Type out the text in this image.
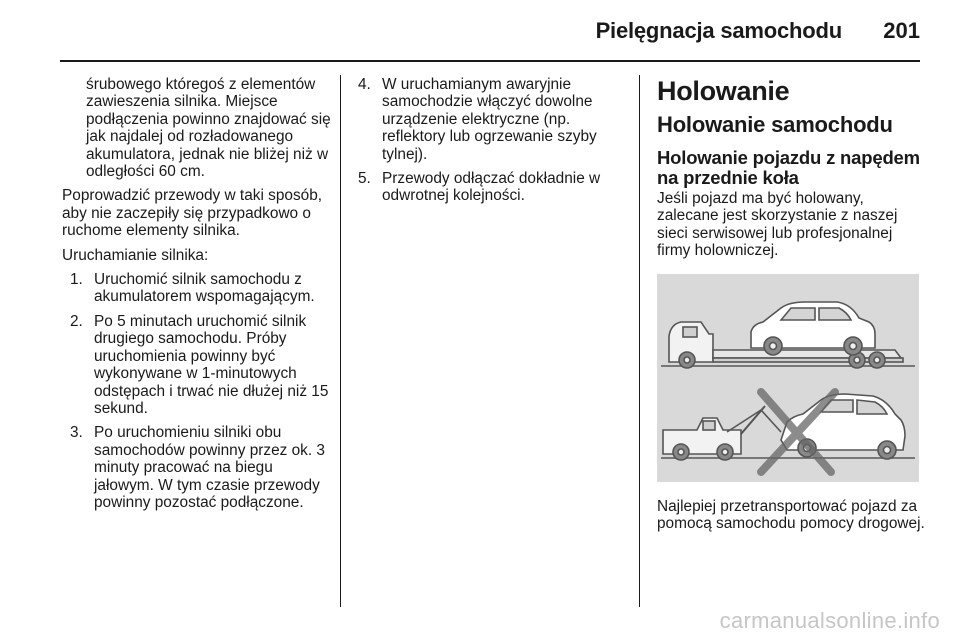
Pielęgnacja samochodu 201

śrubowego któregoś z elementów zawieszenia silnika. Miejsce podłączenia powinno znajdować się jak najdalej od rozładowanego akumulatora, jednak nie bliżej niż w odległości 60 cm.

Poprowadzić przewody w taki sposób, aby nie zaczepiły się przypadkowo o ruchome elementy silnika.

Uruchamianie silnika:

1. Uruchomić silnik samochodu z akumulatorem wspomagającym.
2. Po 5 minutach uruchomić silnik drugiego samochodu. Próby uruchomienia powinny być wykonywane w 1-minutowych odstępach i trwać nie dłużej niż 15 sekund.
3. Po uruchomieniu silniki obu samochodów powinny przez ok. 3 minuty pracować na biegu jałowym. W tym czasie przewody powinny pozostać podłączone.
4. W uruchamianym awaryjnie samochodzie włączyć dowolne urządzenie elektryczne (np. reflektory lub ogrzewanie szyby tylnej).
5. Przewody odłączać dokładnie w odwrotnej kolejności.
Holowanie
Holowanie samochodu
Holowanie pojazdu z napędem na przednie koła

Jeśli pojazd ma być holowany, zalecane jest skorzystanie z naszej sieci serwisowej lub profesjonalnej firmy holowniczej.

Najlepiej przetransportować pojazd za pomocą samochodu pomocy drogowej.

carmanualsonline.info
